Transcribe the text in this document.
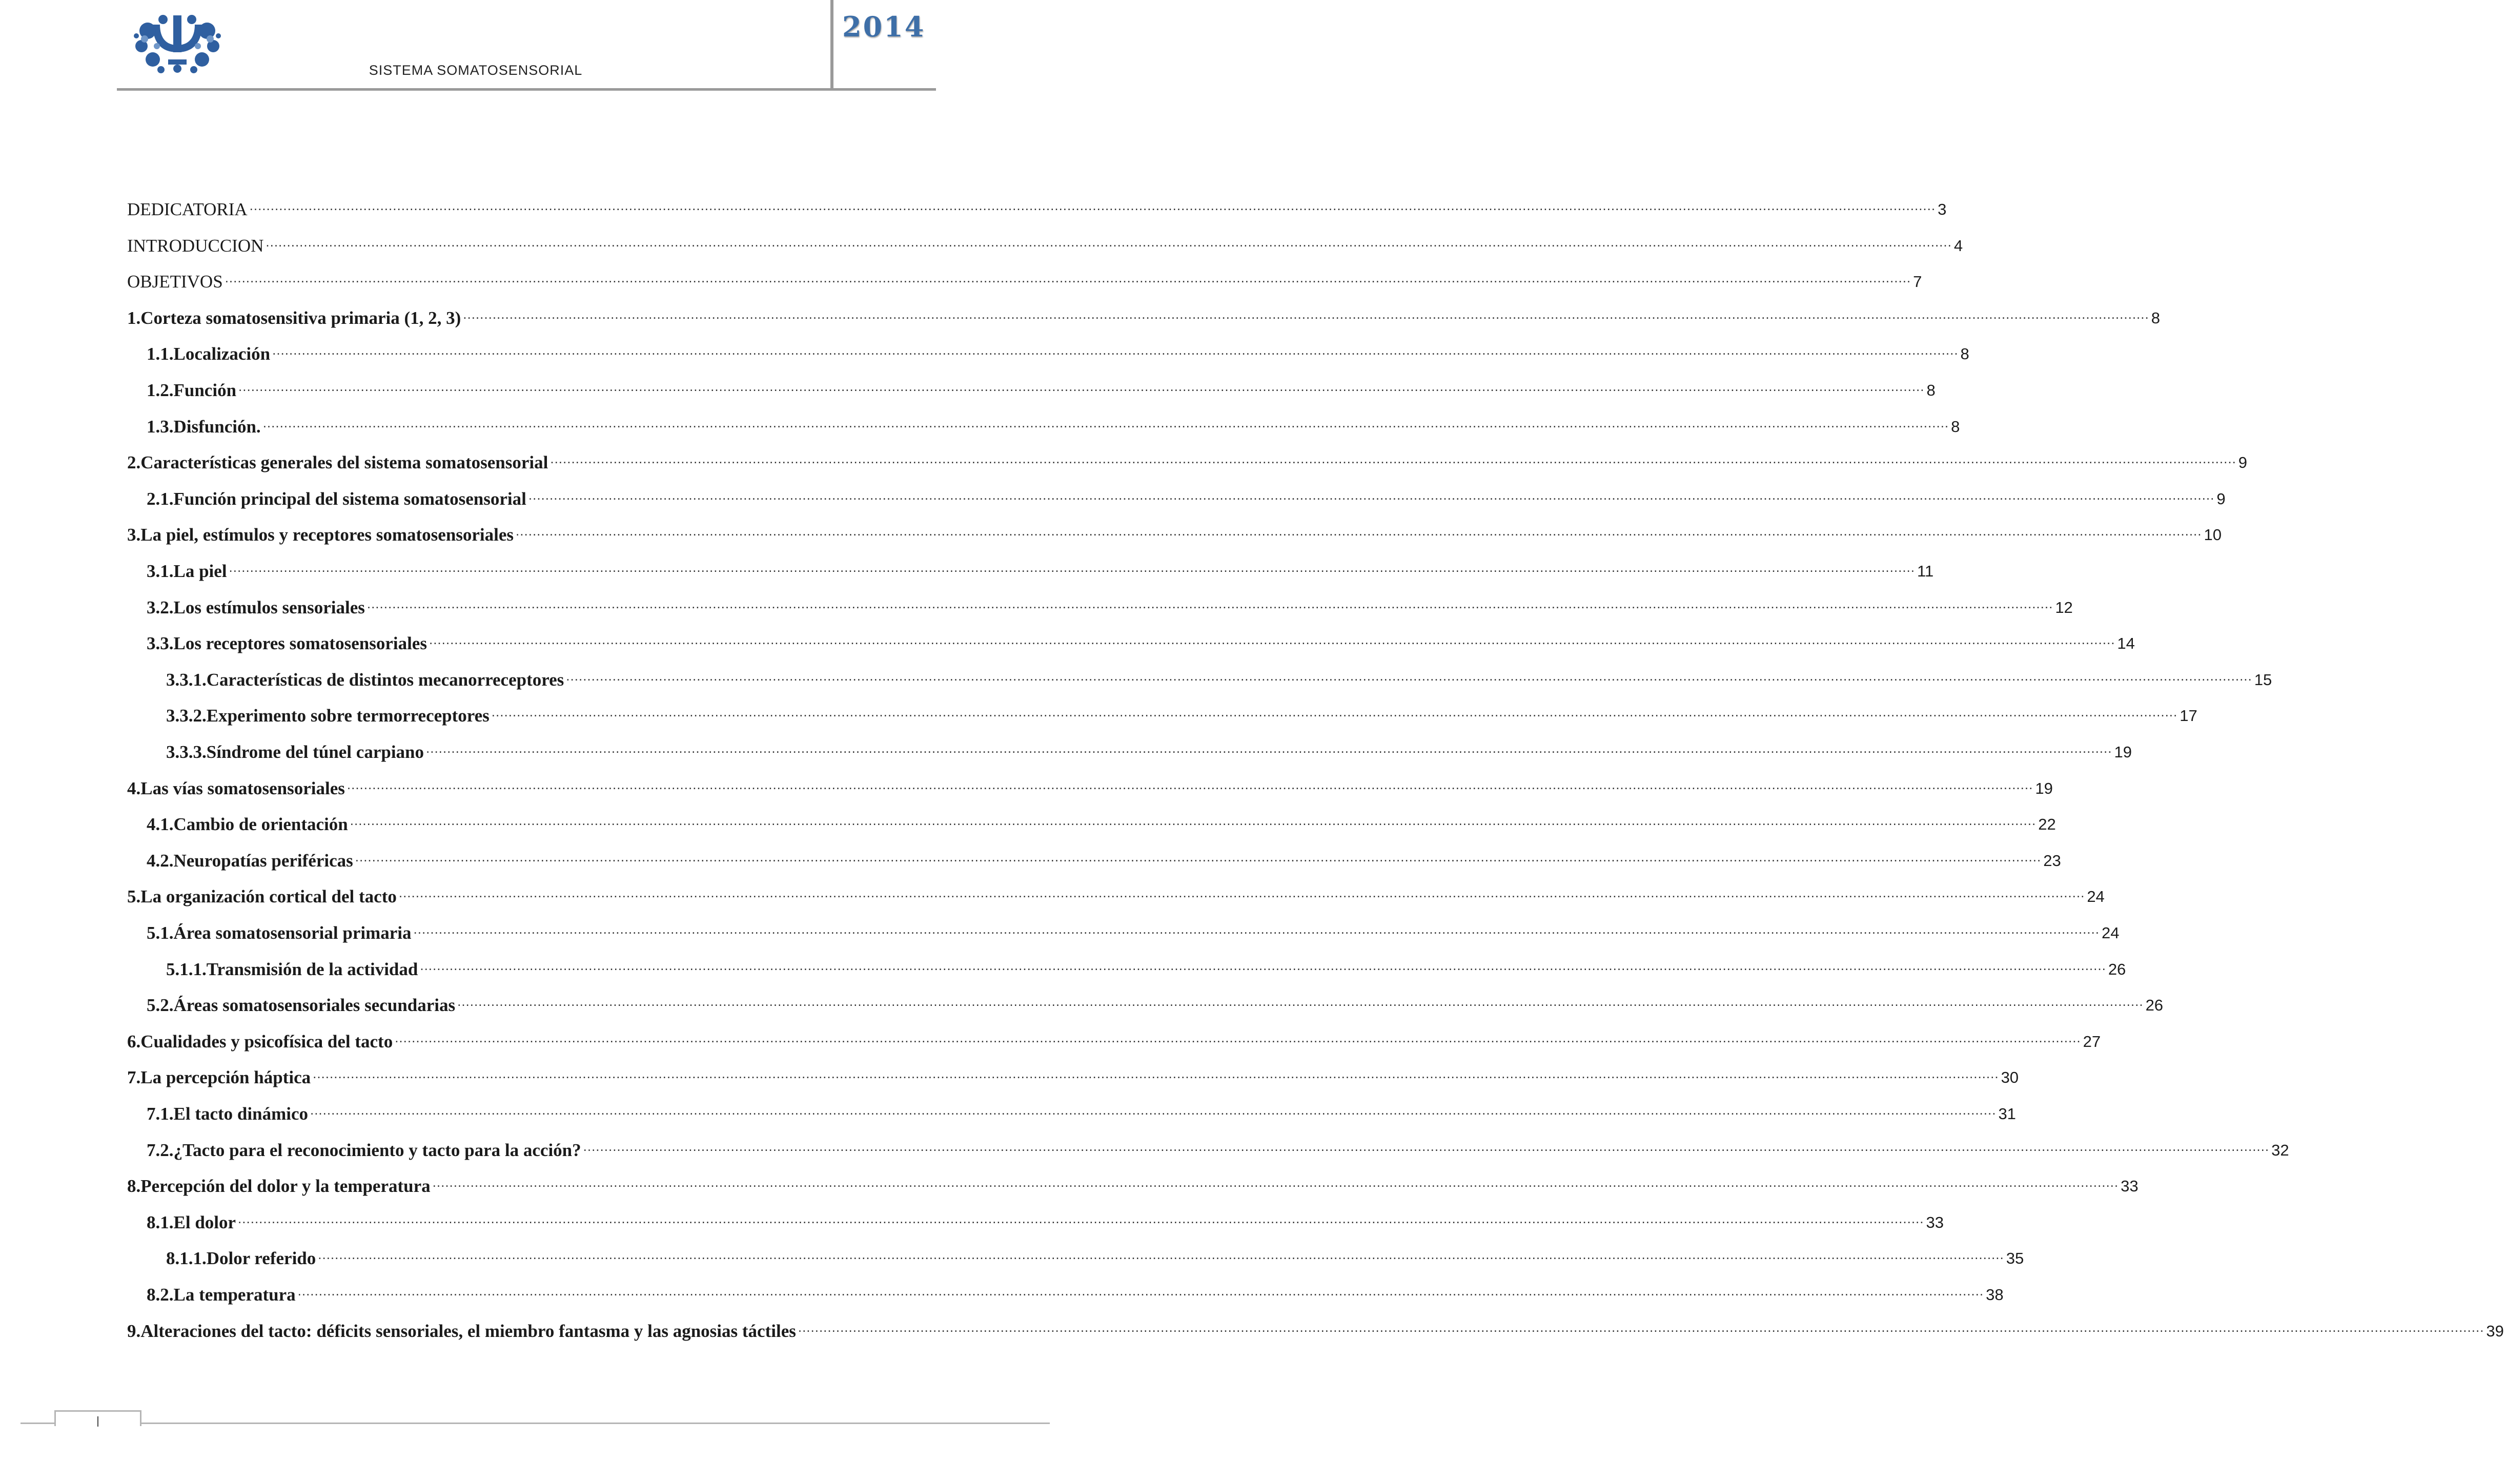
SISTEMA SOMATOSENSORIAL
2014
DEDICATORIA ................................................................................................................................................................................................................................................................................................................................................................................................................ 3
INTRODUCCION ................................................................................................................................................................................................................................................................................................................................................................................................................ 4
OBJETIVOS ................................................................................................................................................................................................................................................................................................................................................................................................................ 7
1. Corteza somatosensitiva primaria (1, 2, 3) ................................................................................................................................................................................................................................................................................................................................................................................................................ 8
1.1. Localización ................................................................................................................................................................................................................................................................................................................................................................................................................ 8
1.2. Función ................................................................................................................................................................................................................................................................................................................................................................................................................ 8
1.3. Disfunción. ................................................................................................................................................................................................................................................................................................................................................................................................................ 8
2. Características generales del sistema somatosensorial ................................................................................................................................................................................................................................................................................................................................................................................................................ 9
2.1. Función principal del sistema somatosensorial ................................................................................................................................................................................................................................................................................................................................................................................................................ 9
3. La piel, estímulos y receptores somatosensoriales ................................................................................................................................................................................................................................................................................................................................................................................................................ 10
3.1. La piel ................................................................................................................................................................................................................................................................................................................................................................................................................ 11
3.2. Los estímulos sensoriales ................................................................................................................................................................................................................................................................................................................................................................................................................ 12
3.3. Los receptores somatosensoriales ................................................................................................................................................................................................................................................................................................................................................................................................................ 14
3.3.1. Características de distintos mecanorreceptores ................................................................................................................................................................................................................................................................................................................................................................................................................ 15
3.3.2. Experimento sobre termorreceptores ................................................................................................................................................................................................................................................................................................................................................................................................................ 17
3.3.3. Síndrome del túnel carpiano ................................................................................................................................................................................................................................................................................................................................................................................................................ 19
4. Las vías somatosensoriales ................................................................................................................................................................................................................................................................................................................................................................................................................ 19
4.1. Cambio de orientación ................................................................................................................................................................................................................................................................................................................................................................................................................ 22
4.2. Neuropatías periféricas ................................................................................................................................................................................................................................................................................................................................................................................................................ 23
5. La organización cortical del tacto ................................................................................................................................................................................................................................................................................................................................................................................................................ 24
5.1. Área somatosensorial primaria ................................................................................................................................................................................................................................................................................................................................................................................................................ 24
5.1.1. Transmisión de la actividad ................................................................................................................................................................................................................................................................................................................................................................................................................ 26
5.2. Áreas somatosensoriales secundarias ................................................................................................................................................................................................................................................................................................................................................................................................................ 26
6. Cualidades y psicofísica del tacto ................................................................................................................................................................................................................................................................................................................................................................................................................ 27
7. La percepción háptica ................................................................................................................................................................................................................................................................................................................................................................................................................ 30
7.1. El tacto dinámico ................................................................................................................................................................................................................................................................................................................................................................................................................ 31
7.2. ¿Tacto para el reconocimiento y tacto para la acción? ................................................................................................................................................................................................................................................................................................................................................................................................................ 32
8. Percepción del dolor y la temperatura ................................................................................................................................................................................................................................................................................................................................................................................................................ 33
8.1. El dolor ................................................................................................................................................................................................................................................................................................................................................................................................................ 33
8.1.1. Dolor referido ................................................................................................................................................................................................................................................................................................................................................................................................................ 35
8.2. La temperatura ................................................................................................................................................................................................................................................................................................................................................................................................................ 38
9. Alteraciones del tacto: déficits sensoriales, el miembro fantasma y las agnosias táctiles ................................................................................................................................................................................................................................................................................................................................................................................................................ 39
